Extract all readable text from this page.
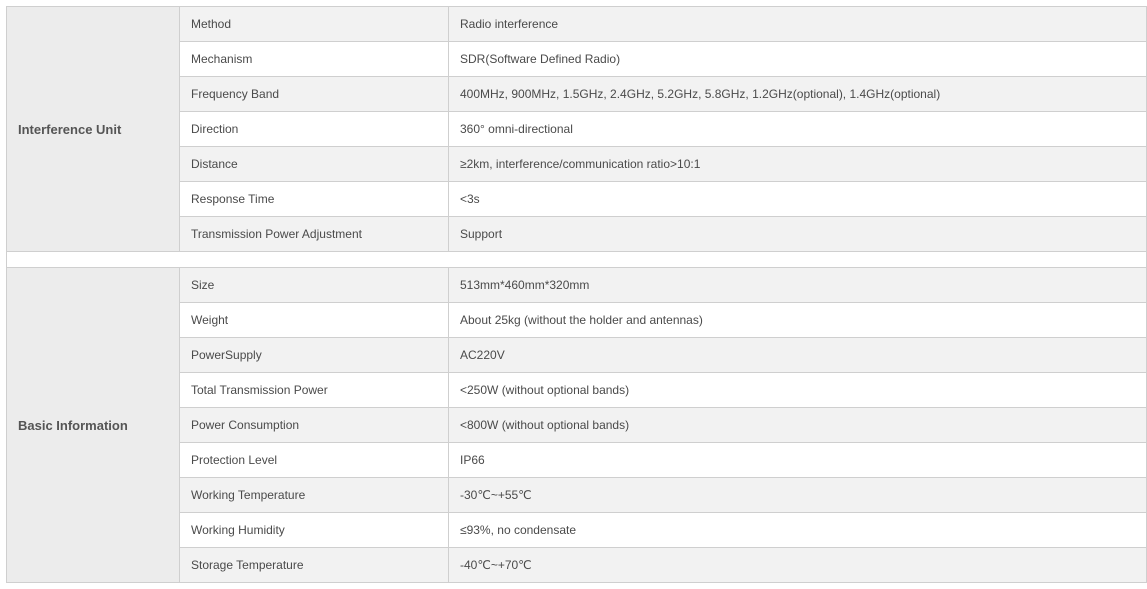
Interference Unit	Method	Radio interference
	Mechanism	SDR(Software Defined Radio)
	Frequency Band	400MHz, 900MHz, 1.5GHz, 2.4GHz, 5.2GHz, 5.8GHz, 1.2GHz(optional), 1.4GHz(optional)
	Direction	360° omni-directional
	Distance	≥2km, interference/communication ratio>10:1
	Response Time	<3s
	Transmission Power Adjustment	Support

Basic Information	Size	513mm*460mm*320mm
	Weight	About 25kg (without the holder and antennas)
	PowerSupply	AC220V
	Total Transmission Power	<250W (without optional bands)
	Power Consumption	<800W (without optional bands)
	Protection Level	IP66
	Working Temperature	-30℃~+55℃
	Working Humidity	≤93%, no condensate
	Storage Temperature	-40℃~+70℃
